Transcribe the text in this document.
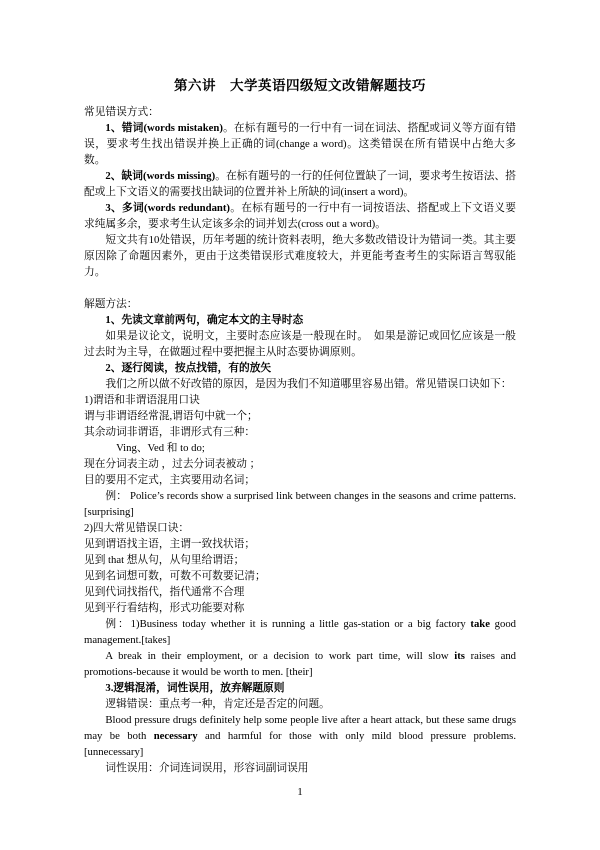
第六讲　大学英语四级短文改错解题技巧
常见错误方式：
1、错词(words mistaken)。在标有题号的一行中有一词在词法、搭配或词义等方面有错误，要求考生找出错误并换上正确的词(change a word)。这类错误在所有错误中占绝大多数。
2、缺词(words missing)。在标有题号的一行的任何位置缺了一词，要求考生按语法、搭配或上下文语义的需要找出缺词的位置并补上所缺的词(insert a word)。
3、多词(words redundant)。在标有题号的一行中有一词按语法、搭配或上下文语义要求纯属多余，要求考生认定该多余的词并划去(cross out a word)。
短文共有10处错误，历年考题的统计资料表明，绝大多数改错设计为错词一类。其主要原因除了命题因素外，更由于这类错误形式难度较大，并更能考查考生的实际语言驾驭能力。
解题方法：
1、先读文章前两句，确定本文的主导时态
如果是议论文，说明文，主要时态应该是一般现在时。　如果是游记或回忆应该是一般过去时为主导，在做题过程中要把握主从时态要协调原则。
2、逐行阅读，按点找错，有的放矢
我们之所以做不好改错的原因，是因为我们不知道哪里容易出错。常见错误口诀如下：
1)谓语和非谓语混用口诀
谓与非谓语经常混,谓语句中就一个；
其余动词非谓语，非谓形式有三种：
Ving、Ved 和 to do;
现在分词表主动 ，过去分词表被动 ；
目的要用不定式，主宾要用动名词；
例： Police’s records show a surprised link between changes in the seasons and crime patterns. [surprising]
2)四大常见错误口诀：
见到谓语找主语，主谓一致找状语；
见到 that 想从句，从句里给谓语；
见到名词想可数，可数不可数要记清；
见到代词找指代，指代通常不合理
见到平行看结构，形式功能要对称
例：1)Business today whether it is running a little gas-station or a big factory take good management.[takes]
A break in their employment, or a decision to work part time, will slow its raises and promotions-because it would be worth to men. [their]
3.逻辑混淆，词性误用，放弃解题原则
逻辑错误：重点考一种，肯定还是否定的问题。
Blood pressure drugs definitely help some people live after a heart attack, but these same drugs may be both necessary and harmful for those with only mild blood pressure problems. [unnecessary]
词性误用：介词连词误用，形容词副词误用
1
